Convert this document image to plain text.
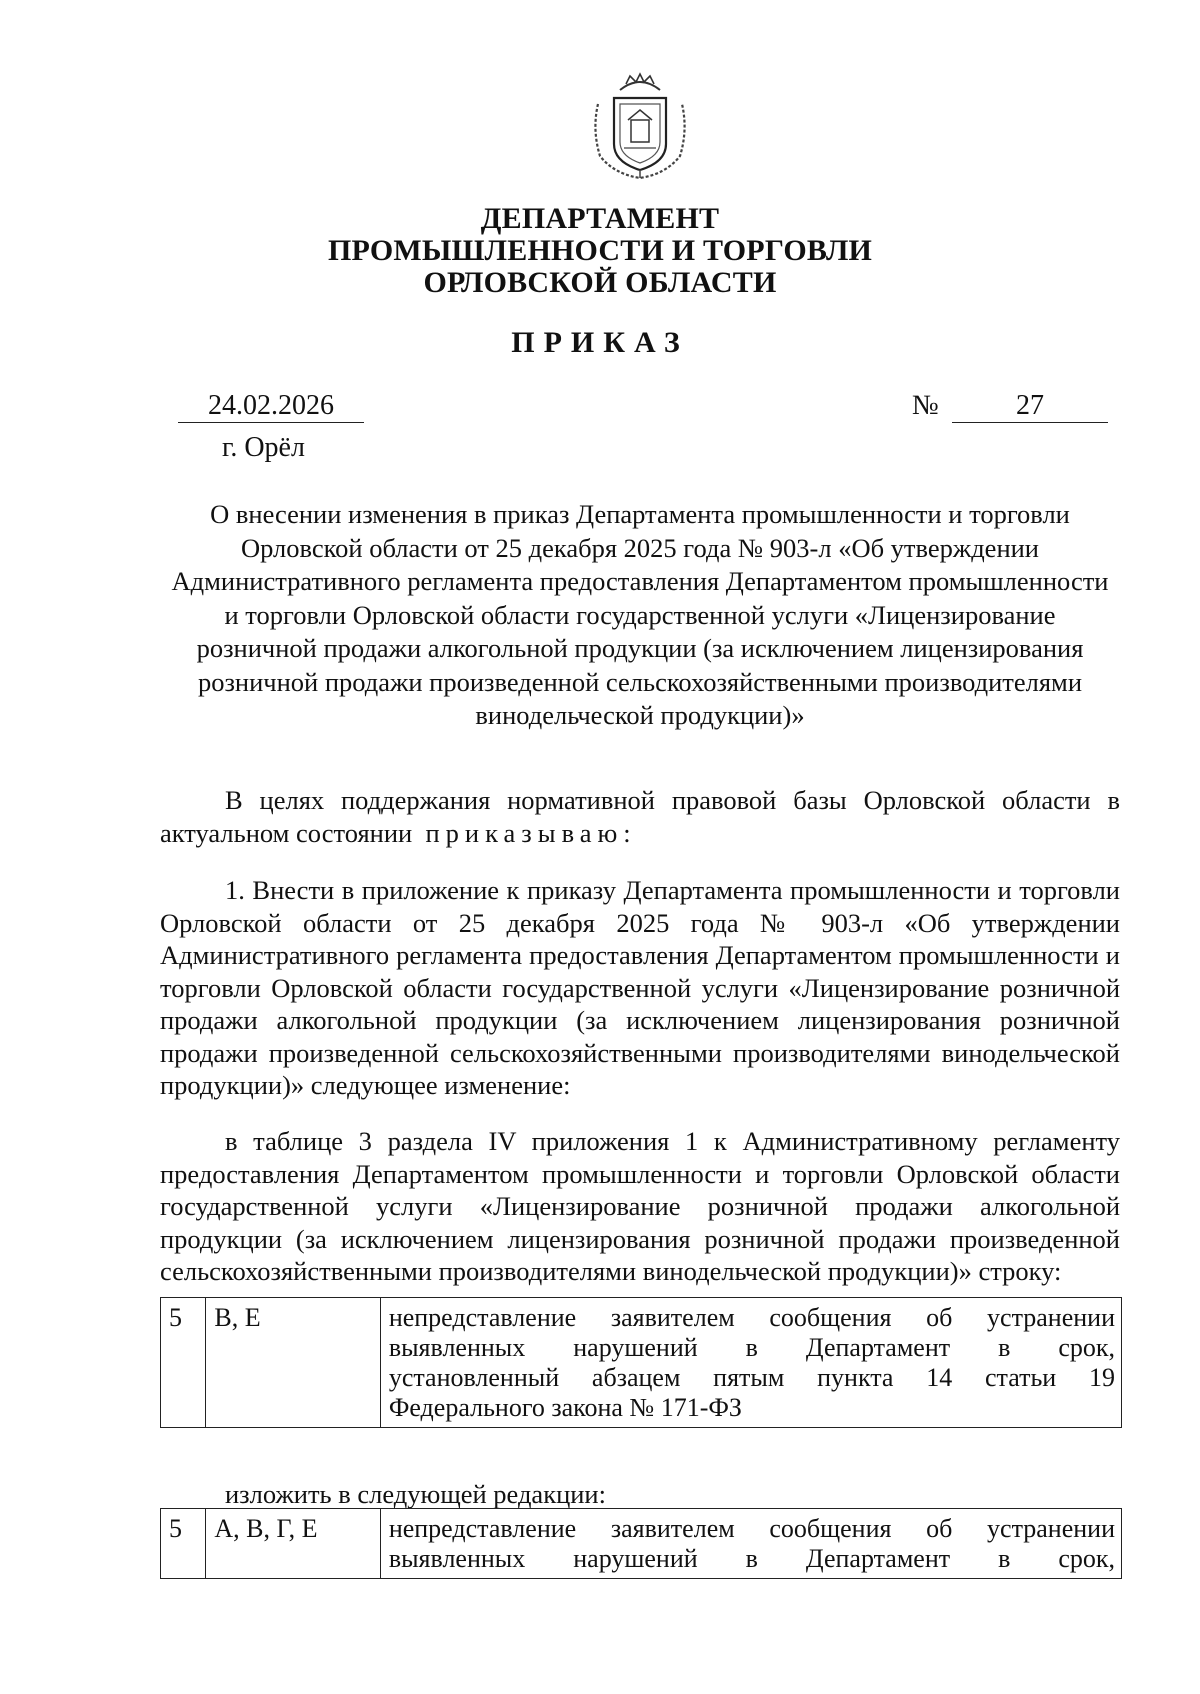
ДЕПАРТАМЕНТ
ПРОМЫШЛЕННОСТИ И ТОРГОВЛИ
ОРЛОВСКОЙ ОБЛАСТИ
ПРИКАЗ
24.02.2026	№	27
г. Орёл
О внесении изменения в приказ Департамента промышленности и торговли
Орловской области от 25 декабря 2025 года № 903-л «Об утверждении
Административного регламента предоставления Департаментом промышленности
и торговли Орловской области государственной услуги «Лицензирование
розничной продажи алкогольной продукции (за исключением лицензирования
розничной продажи произведенной сельскохозяйственными производителями
винодельческой продукции)»
В целях поддержания нормативной правовой базы Орловской области в
актуальном состоянии приказываю:
1. Внести в приложение к приказу Департамента промышленности и торговли
Орловской области от 25 декабря 2025 года № 903-л «Об утверждении
Административного регламента предоставления Департаментом промышленности и
торговли Орловской области государственной услуги «Лицензирование розничной
продажи алкогольной продукции (за исключением лицензирования розничной
продажи произведенной сельскохозяйственными производителями винодельческой
продукции)» следующее изменение:
в таблице 3 раздела IV приложения 1 к Административному регламенту
предоставления Департаментом промышленности и торговли Орловской области
государственной услуги «Лицензирование розничной продажи алкогольной
продукции (за исключением лицензирования розничной продажи произведенной
сельскохозяйственными производителями винодельческой продукции)» строку:
5	В, Е	непредставление заявителем сообщения об устранении
выявленных нарушений в Департамент в срок,
установленный абзацем пятым пункта 14 статьи 19
Федерального закона № 171-ФЗ
изложить в следующей редакции:
5	А, В, Г, Е	непредставление заявителем сообщения об устранении
выявленных нарушений в Департамент в срок,
